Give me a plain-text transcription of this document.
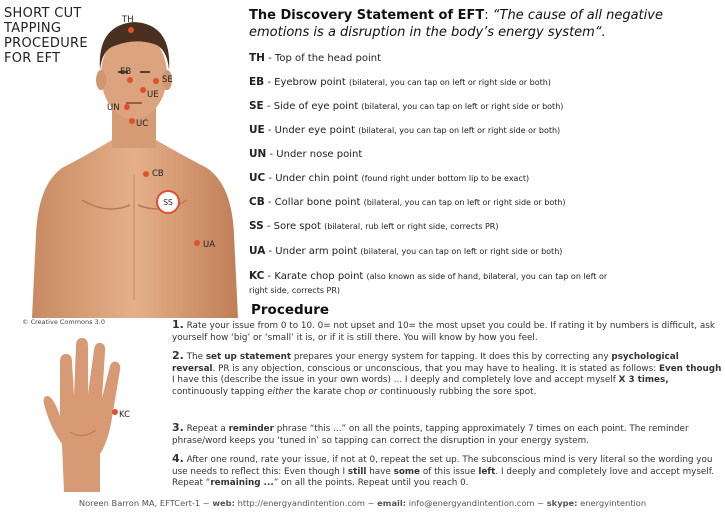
SHORT CUT
TAPPING
PROCEDURE
FOR EFT
TH
EB
SE
UE
UN
UC
CB
SS
UA
© Creative Commons 3.0
KC
The Discovery Statement of EFT: “The cause of all negative emotions is a disruption in the body’s energy system“.
TH - Top of the head point
EB - Eyebrow point (bilateral, you can tap on left or right side or both)
SE - Side of eye point (bilateral, you can tap on left or right side or both)
UE - Under eye point (bilateral, you can tap on left or right side or both)
UN - Under nose point
UC - Under chin point (found right under bottom lip to be exact)
CB - Collar bone point (bilateral, you can tap on left or right side or both)
SS - Sore spot (bilateral, rub left or right side, corrects PR)
UA - Under arm point (bilateral, you can tap on left or right side or both)
KC - Karate chop point (also known as side of hand, bilateral, you can tap on left or
right side, corrects PR)
Procedure
1. Rate your issue from 0 to 10. 0= not upset and 10= the most upset you could be. If rating it by numbers is difficult, ask yourself how ‘big’ or ‘small’ it is, or if it is still there. You will know by how you feel.
2. The set up statement prepares your energy system for tapping. It does this by correcting any psychological reversal. PR is any objection, conscious or unconscious, that you may have to healing. It is stated as follows: Even though I have this (describe the issue in your own words) ... I deeply and completely love and accept myself X 3 times, continuously tapping either the karate chop or continuously rubbing the sore spot.
3. Repeat a reminder phrase “this ...” on all the points, tapping approximately 7 times on each point. The reminder phrase/word keeps you ‘tuned in’ so tapping can correct the disruption in your energy system.
4. After one round, rate your issue, if not at 0, repeat the set up. The subconscious mind is very literal so the wording you use needs to reflect this: Even though I still have some of this issue left. I deeply and completely love and accept myself. Repeat “remaining ...” on all the points. Repeat until you reach 0.
Noreen Barron MA, EFTCert-1 ~ web: http://energyandintention.com ~ email: info@energyandintention.com ~ skype: energyintention
